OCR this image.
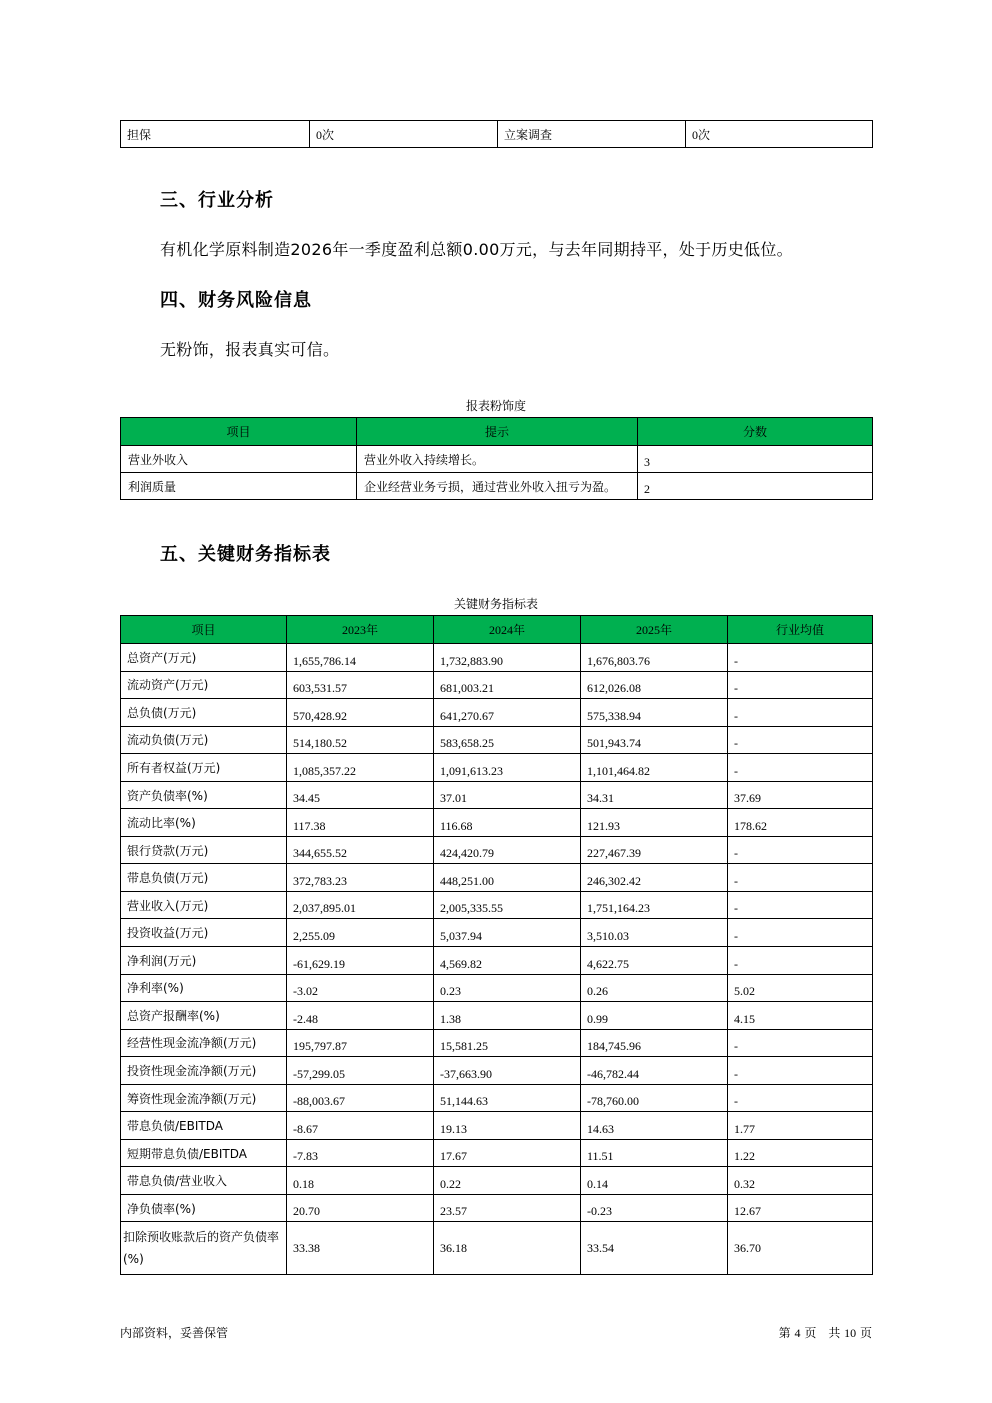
担保	0次	立案调查	0次
三、行业分析
有机化学原料制造2026年一季度盈利总额0.00万元，与去年同期持平，处于历史低位。
四、财务风险信息
无粉饰，报表真实可信。
报表粉饰度
项目	提示	分数
营业外收入	营业外收入持续增长。	3
利润质量	企业经营业务亏损，通过营业外收入扭亏为盈。	2
五、关键财务指标表
关键财务指标表
项目	2023年	2024年	2025年	行业均值
总资产(万元)	1,655,786.14	1,732,883.90	1,676,803.76	-
流动资产(万元)	603,531.57	681,003.21	612,026.08	-
总负债(万元)	570,428.92	641,270.67	575,338.94	-
流动负债(万元)	514,180.52	583,658.25	501,943.74	-
所有者权益(万元)	1,085,357.22	1,091,613.23	1,101,464.82	-
资产负债率(%)	34.45	37.01	34.31	37.69
流动比率(%)	117.38	116.68	121.93	178.62
银行贷款(万元)	344,655.52	424,420.79	227,467.39	-
带息负债(万元)	372,783.23	448,251.00	246,302.42	-
营业收入(万元)	2,037,895.01	2,005,335.55	1,751,164.23	-
投资收益(万元)	2,255.09	5,037.94	3,510.03	-
净利润(万元)	-61,629.19	4,569.82	4,622.75	-
净利率(%)	-3.02	0.23	0.26	5.02
总资产报酬率(%)	-2.48	1.38	0.99	4.15
经营性现金流净额(万元)	195,797.87	15,581.25	184,745.96	-
投资性现金流净额(万元)	-57,299.05	-37,663.90	-46,782.44	-
筹资性现金流净额(万元)	-88,003.67	51,144.63	-78,760.00	-
带息负债/EBITDA	-8.67	19.13	14.63	1.77
短期带息负债/EBITDA	-7.83	17.67	11.51	1.22
带息负债/营业收入	0.18	0.22	0.14	0.32
净负债率(%)	20.70	23.57	-0.23	12.67
扣除预收账款后的资产负债率(%)	33.38	36.18	33.54	36.70
内部资料，妥善保管	第 4 页　共 10 页
